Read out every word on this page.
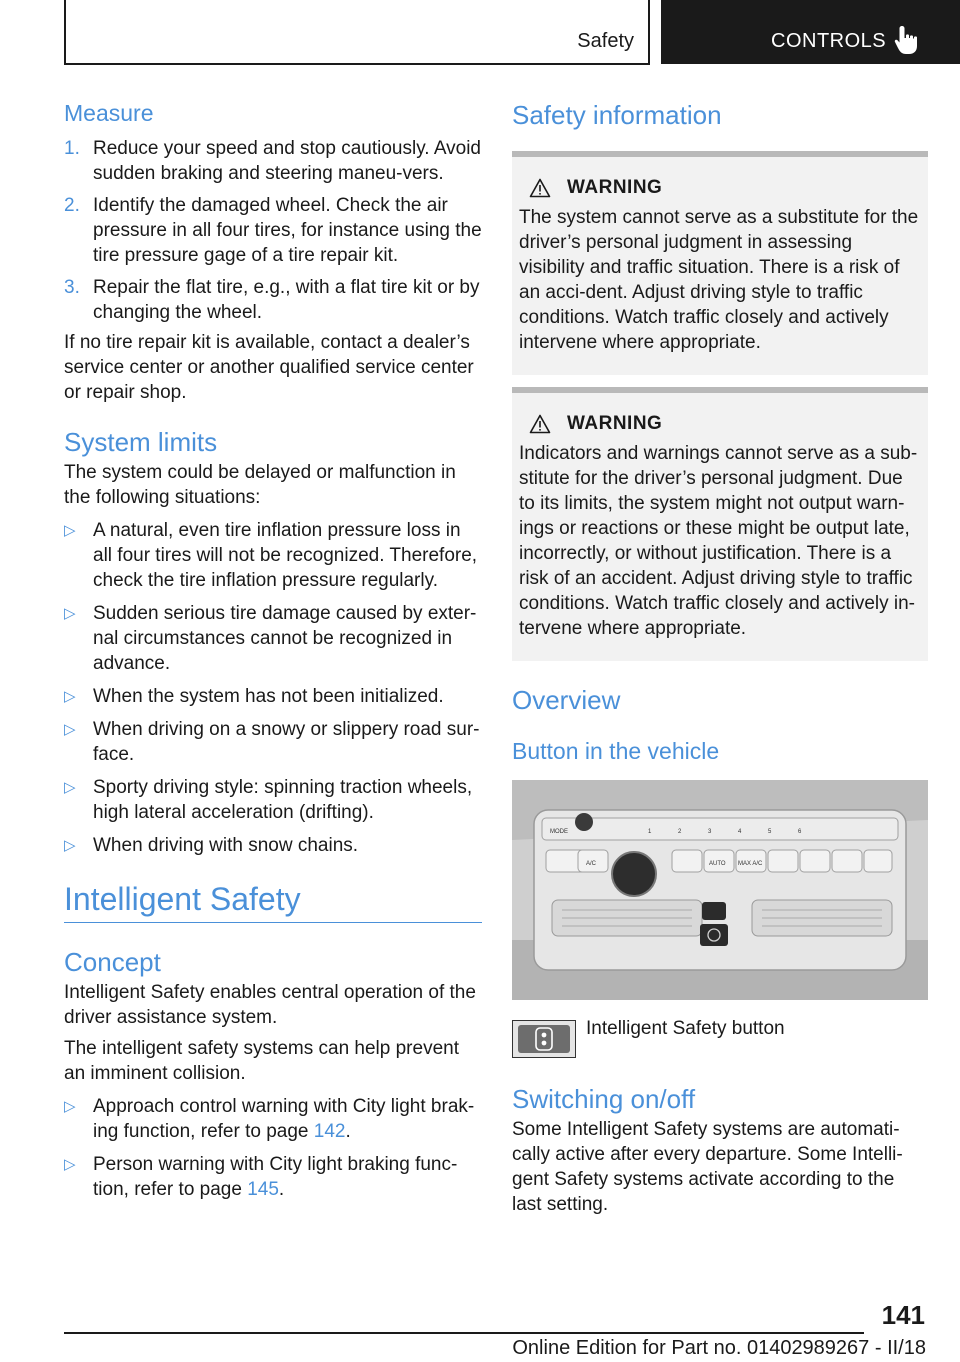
Safety	CONTROLS
Measure
1. Reduce your speed and stop cautiously. Avoid sudden braking and steering maneu‐vers.
2. Identify the damaged wheel. Check the air pressure in all four tires, for instance using the tire pressure gage of a tire repair kit.
3. Repair the flat tire, e.g., with a flat tire kit or by changing the wheel.

If no tire repair kit is available, contact a dealer’s service center or another qualified service center or repair shop.

System limits

The system could be delayed or malfunction in the following situations:

▷ A natural, even tire inflation pressure loss in all four tires will not be recognized. Therefore, check the tire inflation pressure regularly.
▷ Sudden serious tire damage caused by exter‐nal circumstances cannot be recognized in advance.
▷ When the system has not been initialized.
▷ When driving on a snowy or slippery road sur‐face.
▷ Sporty driving style: spinning traction wheels, high lateral acceleration (drifting).
▷ When driving with snow chains.
Intelligent Safety
Concept

Intelligent Safety enables central operation of the driver assistance system.

The intelligent safety systems can help prevent an imminent collision.

▷ Approach control warning with City light brak‐ing function, refer to page 142.
▷ Person warning with City light braking func‐tion, refer to page 145.
Safety information
WARNING

The system cannot serve as a substitute for the driver’s personal judgment in assessing visibility and traffic situation. There is a risk of an acci‐dent. Adjust driving style to traffic conditions. Watch traffic closely and actively intervene where appropriate.

WARNING

Indicators and warnings cannot serve as a sub‐stitute for the driver’s personal judgment. Due to its limits, the system might not output warn‐ings or reactions or these might be output late, incorrectly, or without justification. There is a risk of an accident. Adjust driving style to traffic conditions. Watch traffic closely and actively in‐tervene where appropriate.

Overview
Button in the vehicle
MODE	1	2	3	4	5	6
A/C	AUTO MAX A/C
Intelligent Safety button
Switching on/off

Some Intelligent Safety systems are automati‐cally active after every departure. Some Intelli‐gent Safety systems activate according to the last setting.

141
Online Edition for Part no. 01402989267 - II/18
